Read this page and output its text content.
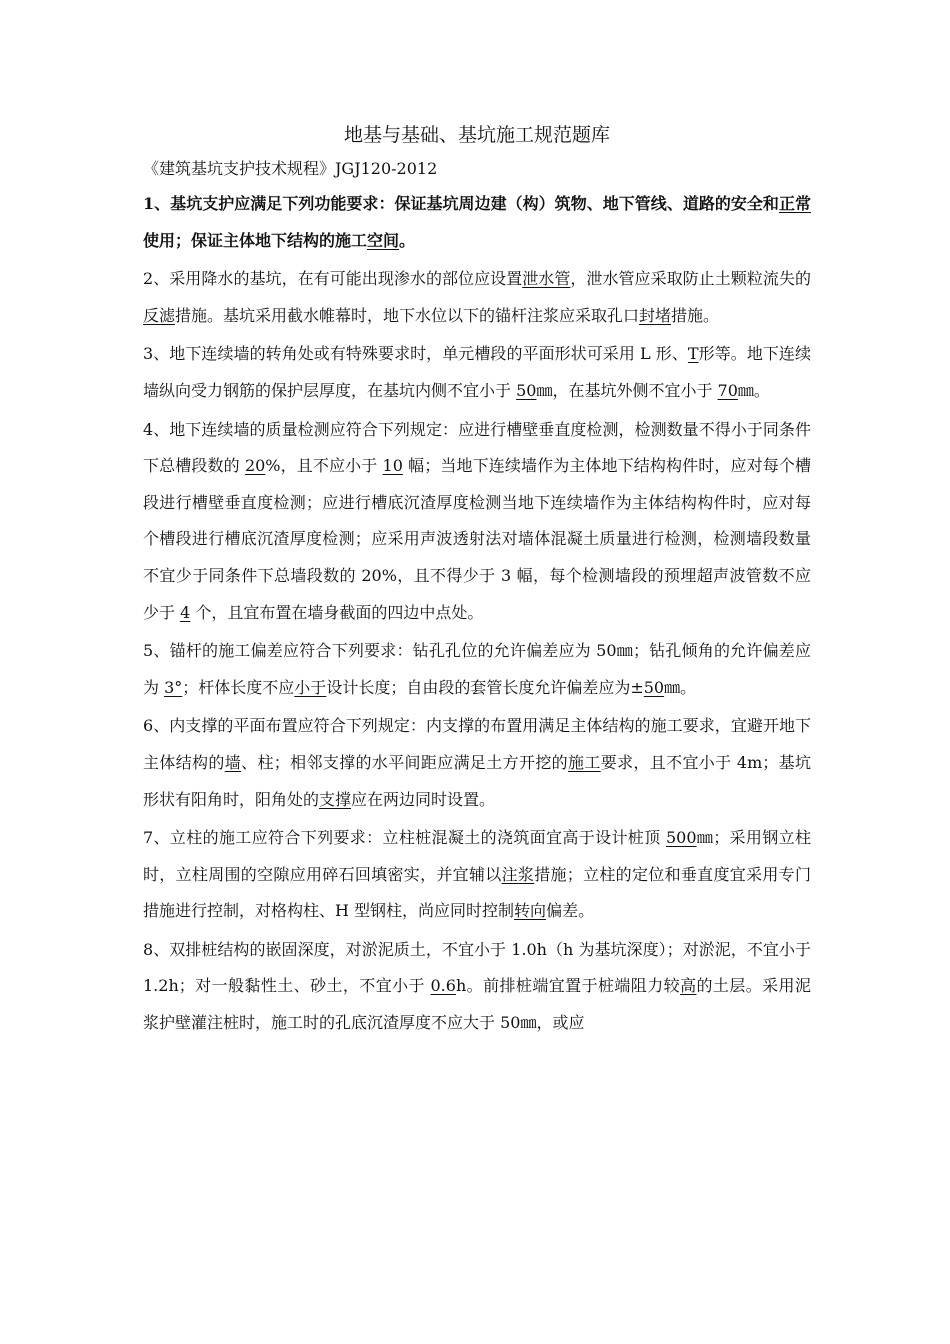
地基与基础、基坑施工规范题库
《建筑基坑支护技术规程》JGJ120-2012

1、基坑支护应满足下列功能要求：保证基坑周边建（构）筑物、地下管线、道路的安全和正常使用；保证主体地下结构的施工空间。

2、采用降水的基坑，在有可能出现渗水的部位应设置泄水管，泄水管应采取防止土颗粒流失的反滤措施。基坑采用截水帷幕时，地下水位以下的锚杆注浆应采取孔口封堵措施。

3、地下连续墙的转角处或有特殊要求时，单元槽段的平面形状可采用 L 形、T形等。地下连续墙纵向受力钢筋的保护层厚度，在基坑内侧不宜小于 50㎜，在基坑外侧不宜小于 70㎜。

4、地下连续墙的质量检测应符合下列规定：应进行槽壁垂直度检测，检测数量不得小于同条件下总槽段数的 20%，且不应小于 10 幅；当地下连续墙作为主体地下结构构件时，应对每个槽段进行槽壁垂直度检测；应进行槽底沉渣厚度检测当地下连续墙作为主体结构构件时，应对每个槽段进行槽底沉渣厚度检测；应采用声波透射法对墙体混凝土质量进行检测，检测墙段数量不宜少于同条件下总墙段数的 20%，且不得少于 3 幅，每个检测墙段的预埋超声波管数不应少于 4 个，且宜布置在墙身截面的四边中点处。

5、锚杆的施工偏差应符合下列要求：钻孔孔位的允许偏差应为 50㎜；钻孔倾角的允许偏差应为 3°；杆体长度不应小于设计长度；自由段的套管长度允许偏差应为±50㎜。

6、内支撑的平面布置应符合下列规定：内支撑的布置用满足主体结构的施工要求，宜避开地下主体结构的墙、柱；相邻支撑的水平间距应满足土方开挖的施工要求，且不宜小于 4m；基坑形状有阳角时，阳角处的支撑应在两边同时设置。

7、立柱的施工应符合下列要求：立柱桩混凝土的浇筑面宜高于设计桩顶 500㎜；采用钢立柱时，立柱周围的空隙应用碎石回填密实，并宜辅以注浆措施；立柱的定位和垂直度宜采用专门措施进行控制，对格构柱、H 型钢柱，尚应同时控制转向偏差。

8、双排桩结构的嵌固深度，对淤泥质土，不宜小于 1.0h（h 为基坑深度）；对淤泥，不宜小于 1.2h；对一般黏性土、砂土，不宜小于 0.6h。前排桩端宜置于桩端阻力较高的土层。采用泥浆护壁灌注桩时，施工时的孔底沉渣厚度不应大于 50㎜，或应
